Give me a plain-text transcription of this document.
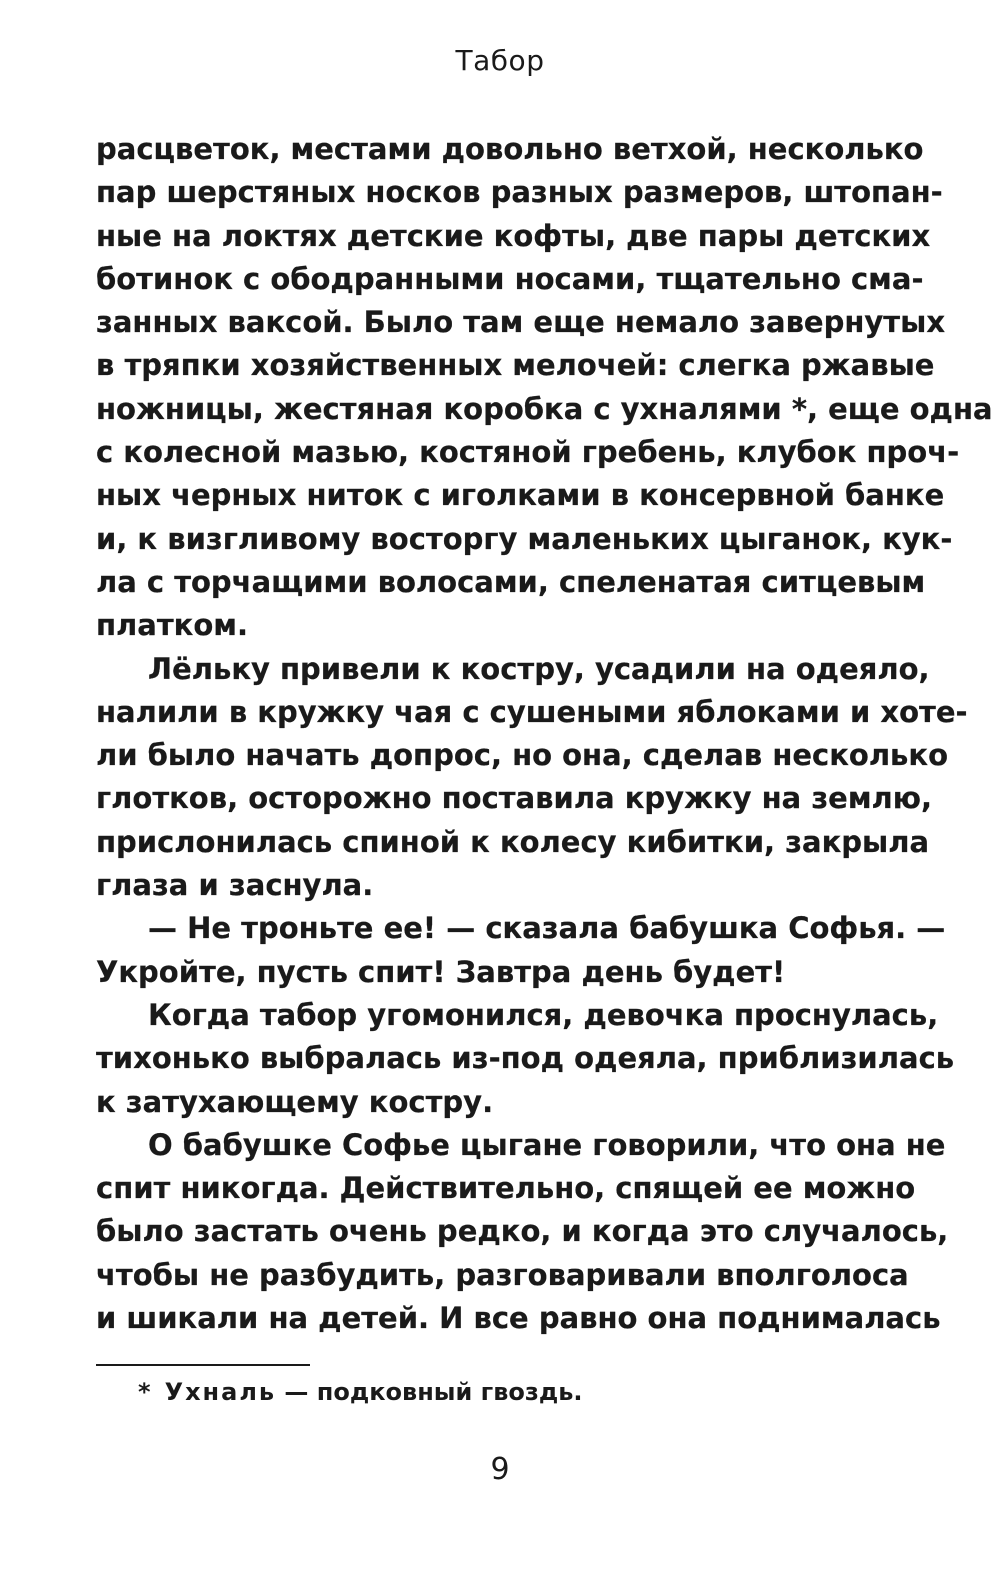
Табор
расцветок, местами довольно ветхой, несколько
пар шерстяных носков разных размеров, штопан-
ные на локтях детские кофты, две пары детских
ботинок с ободранными носами, тщательно сма-
занных ваксой. Было там еще немало завернутых
в тряпки хозяйственных мелочей: слегка ржавые
ножницы, жестяная коробка с ухналями *, еще одна
с колесной мазью, костяной гребень, клубок проч-
ных черных ниток с иголками в консервной банке
и, к визгливому восторгу маленьких цыганок, кук-
ла с торчащими волосами, спеленатая ситцевым
платком.
Лёльку привели к костру, усадили на одеяло,
налили в кружку чая с сушеными яблоками и хоте-
ли было начать допрос, но она, сделав несколько
глотков, осторожно поставила кружку на землю,
прислонилась спиной к колесу кибитки, закрыла
глаза и заснула.
— Не троньте ее! — сказала бабушка Софья. —
Укройте, пусть спит! Завтра день будет!
Когда табор угомонился, девочка проснулась,
тихонько выбралась из-под одеяла, приблизилась
к затухающему костру.
О бабушке Софье цыгане говорили, что она не
спит никогда. Действительно, спящей ее можно
было застать очень редко, и когда это случалось,
чтобы не разбудить, разговаривали вполголоса
и шикали на детей. И все равно она поднималась
* Ухналь — подковный гвоздь.
9
